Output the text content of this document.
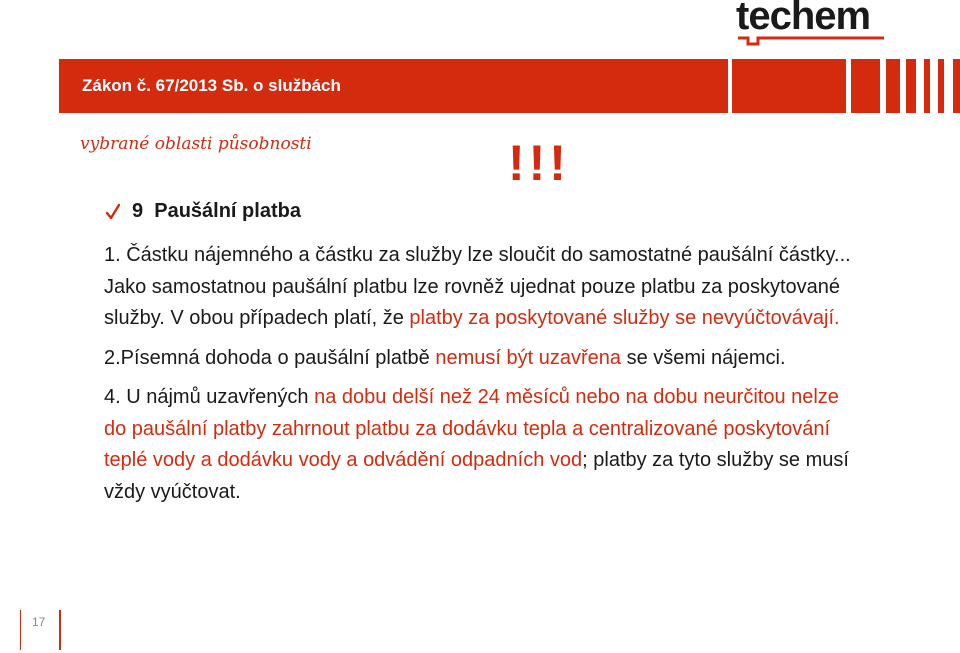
techem
Zákon č. 67/2013 Sb. o službách
vybrané oblasti působnosti	!!!
9  Paušální platba

1. Částku nájemného a částku za služby lze sloučit do samostatné paušální částky... Jako samostatnou paušální platbu lze rovněž ujednat pouze platbu za poskytované služby. V obou případech platí, že platby za poskytované služby se nevyúčtovávají.

2.Písemná dohoda o paušální platbě nemusí být uzavřena se všemi nájemci.

4. U nájmů uzavřených na dobu delší než 24 měsíců nebo na dobu neurčitou nelze do paušální platby zahrnout platbu za dodávku tepla a centralizované poskytování teplé vody a dodávku vody a odvádění odpadních vod; platby za tyto služby se musí vždy vyúčtovat.

17
